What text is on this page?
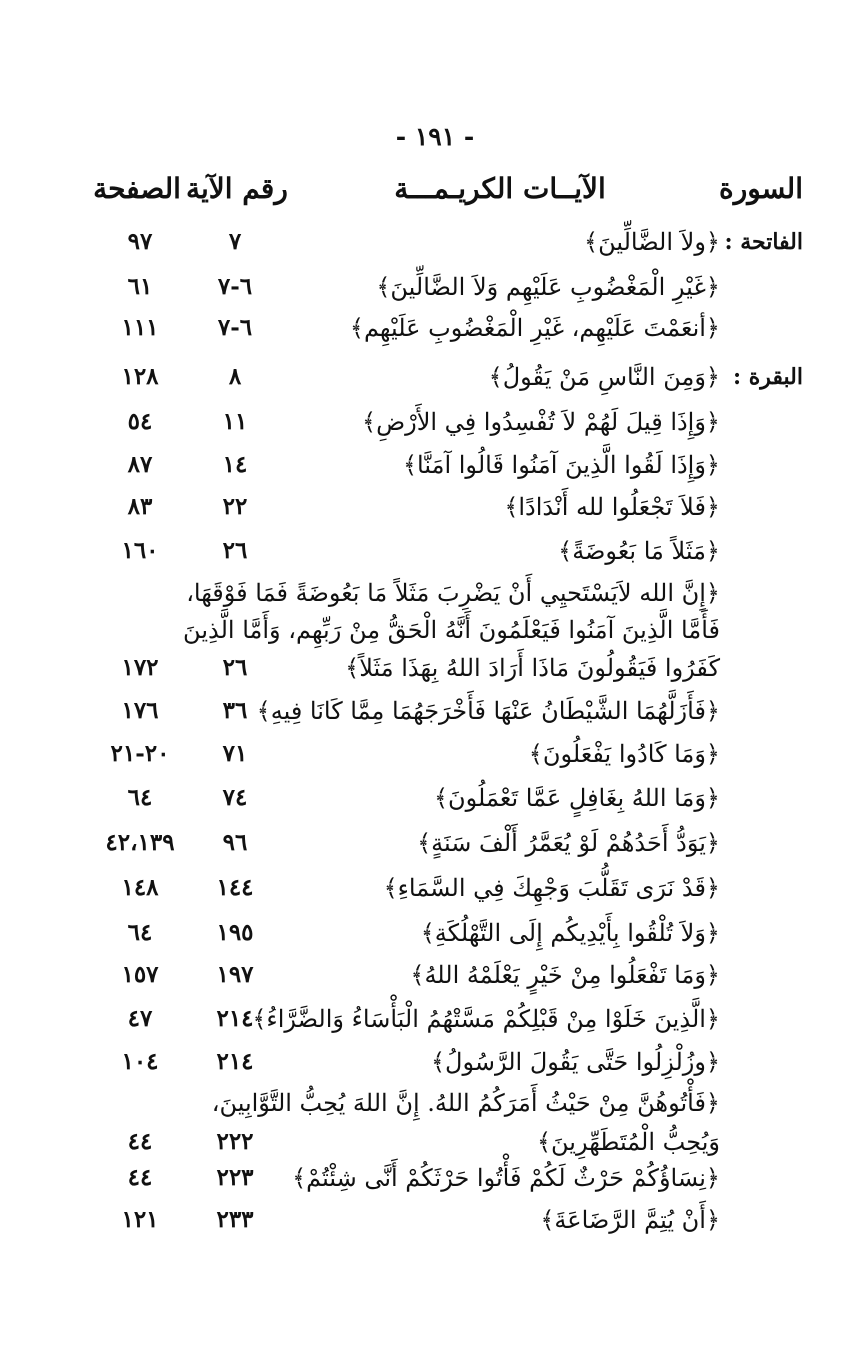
- ١٩١ -
السورة
الآيــات الكريـمـــة
رقم الآية
الصفحة
الفاتحة :
﴿ولاَ الضَّالِّينَ﴾
٧
٩٧
﴿غَيْرِ الْمَغْضُوبِ عَلَيْهِم وَلاَ الضَّالِّينَ﴾
٦-٧
٦١
﴿أنعَمْتَ عَلَيْهِم، غَيْرِ الْمَغْضُوبِ عَلَيْهِم﴾
٦-٧
١١١
البقرة :
﴿وَمِنَ النَّاسِ مَنْ يَقُولُ﴾
٨
١٢٨
﴿وَإِذَا قِيلَ لَهُمْ لاَ تُفْسِدُوا فِي الأَرْضِ﴾
١١
٥٤
﴿وَإِذَا لَقُوا الَّذِينَ آمَنُوا قَالُوا آمَنَّا﴾
١٤
٨٧
﴿فَلاَ تَجْعَلُوا لله أَنْدَادًا﴾
٢٢
٨٣
﴿مَثَلاً مَا بَعُوضَةً﴾
٢٦
١٦٠
﴿إِنَّ الله لاَيَسْتَحيِي أَنْ يَضْرِبَ مَثَلاً مَا بَعُوضَةً فَمَا فَوْقَهَا،
فَأَمَّا الَّذِينَ آمَنُوا فَيَعْلَمُونَ أَنَّهُ الْحَقُّ مِنْ رَبِّهِم، وَأَمَّا الَّذِينَ
كَفَرُوا فَيَقُولُونَ مَاذَا أَرَادَ اللهُ بِهَذَا مَثَلاً﴾
٢٦
١٧٢
﴿فَأَزَلَّهُمَا الشَّيْطَانُ عَنْهَا فَأَخْرَجَهُمَا مِمَّا كَانَا فِيهِ﴾
٣٦
١٧٦
﴿وَمَا كَادُوا يَفْعَلُونَ﴾
٧١
٢٠-٢١
﴿وَمَا اللهُ بِغَافِلٍ عَمَّا تَعْمَلُونَ﴾
٧٤
٦٤
﴿يَوَدُّ أَحَدُهُمْ لَوْ يُعَمَّرُ أَلْفَ سَنَةٍ﴾
٩٦
٤٢،١٣٩
﴿قَدْ نَرَى تَقَلُّبَ وَجْهِكَ فِي السَّمَاءِ﴾
١٤٤
١٤٨
﴿وَلاَ تُلْقُوا بِأَيْدِيكُم إِلَى التَّهْلُكَةِ﴾
١٩٥
٦٤
﴿وَمَا تَفْعَلُوا مِنْ خَيْرٍ يَعْلَمْهُ اللهُ﴾
١٩٧
١٥٧
﴿الَّذِينَ خَلَوْا مِنْ قَبْلِكُمْ مَسَّتْهُمُ الْبَأْسَاءُ وَالضَّرَّاءُ﴾
٢١٤
٤٧
﴿وزُلْزِلُوا حَتَّى يَقُولَ الرَّسُولُ﴾
٢١٤
١٠٤
﴿فَأْتُوهُنَّ مِنْ حَيْثُ أَمَرَكُمُ اللهُ. إِنَّ اللهَ يُحِبُّ التَّوَّابِينَ،
وَيُحِبُّ الْمُتَطَهِّرِينَ﴾
٢٢٢
٤٤
﴿نِسَاؤُكُمْ حَرْثٌ لَكُمْ فَأْتُوا حَرْثَكُمْ أَنَّى شِئْتُمْ﴾
٢٢٣
٤٤
﴿أَنْ يُتِمَّ الرَّضَاعَةَ﴾
٢٣٣
١٢١
